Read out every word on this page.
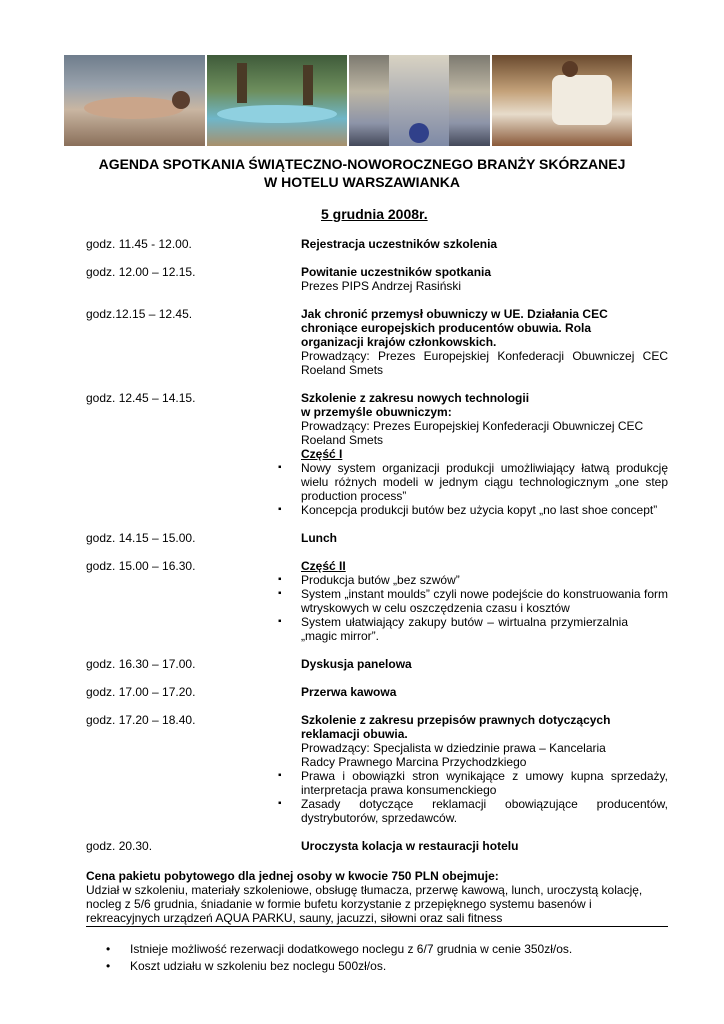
AGENDA SPOTKANIA ŚWIĄTECZNO-NOWOROCZNEGO BRANŻY SKÓRZANEJ
W HOTELU WARSZAWIANKA
5 grudnia 2008r.
godz. 11.45 - 12.00.	Rejestracja uczestników szkolenia
godz. 12.00 – 12.15.	Powitanie uczestników spotkania
Prezes PIPS Andrzej Rasiński
godz.12.15 – 12.45.	Jak chronić przemysł obuwniczy w UE. Działania CEC chroniące europejskich producentów obuwia. Rola organizacji krajów członkowskich.
Prowadzący: Prezes Europejskiej Konfederacji Obuwniczej CEC Roeland Smets
godz. 12.45 – 14.15.	Szkolenie z zakresu nowych technologii w przemyśle obuwniczym:
Prowadzący: Prezes Europejskiej Konfederacji Obuwniczej CEC Roeland Smets
Część I
▪ Nowy system organizacji produkcji umożliwiający łatwą produkcję wielu różnych modeli w jednym ciągu technologicznym „one step production process”
▪ Koncepcja produkcji butów bez użycia kopyt „no last shoe concept”
godz. 14.15 – 15.00.	Lunch
godz. 15.00 – 16.30.	Część II
▪ Produkcja butów „bez szwów”
▪ System „instant moulds” czyli nowe podejście do konstruowania form wtryskowych w celu oszczędzenia czasu i kosztów
▪ System ułatwiający zakupy butów – wirtualna przymierzalnia „magic mirror”.
godz. 16.30 – 17.00.	Dyskusja panelowa
godz. 17.00 – 17.20.	Przerwa kawowa
godz. 17.20 – 18.40.	Szkolenie z zakresu przepisów prawnych dotyczących reklamacji obuwia.
Prowadzący: Specjalista w dziedzinie prawa – Kancelaria Radcy Prawnego Marcina Przychodzkiego
▪ Prawa i obowiązki stron wynikające z umowy kupna sprzedaży, interpretacja prawa konsumenckiego
▪ Zasady dotyczące reklamacji obowiązujące producentów, dystrybutorów, sprzedawców.
godz. 20.30.	Uroczysta kolacja w restauracji hotelu
Cena pakietu pobytowego dla jednej osoby w kwocie 750 PLN obejmuje:
Udział w szkoleniu, materiały szkoleniowe, obsługę tłumacza, przerwę kawową, lunch, uroczystą kolację, nocleg z 5/6 grudnia, śniadanie w formie bufetu korzystanie z przepięknego systemu basenów i rekreacyjnych urządzeń AQUA PARKU, sauny, jacuzzi, siłowni oraz sali fitness
• Istnieje możliwość rezerwacji dodatkowego noclegu z 6/7 grudnia w cenie 350zł/os.
• Koszt udziału w szkoleniu bez noclegu 500zł/os.
